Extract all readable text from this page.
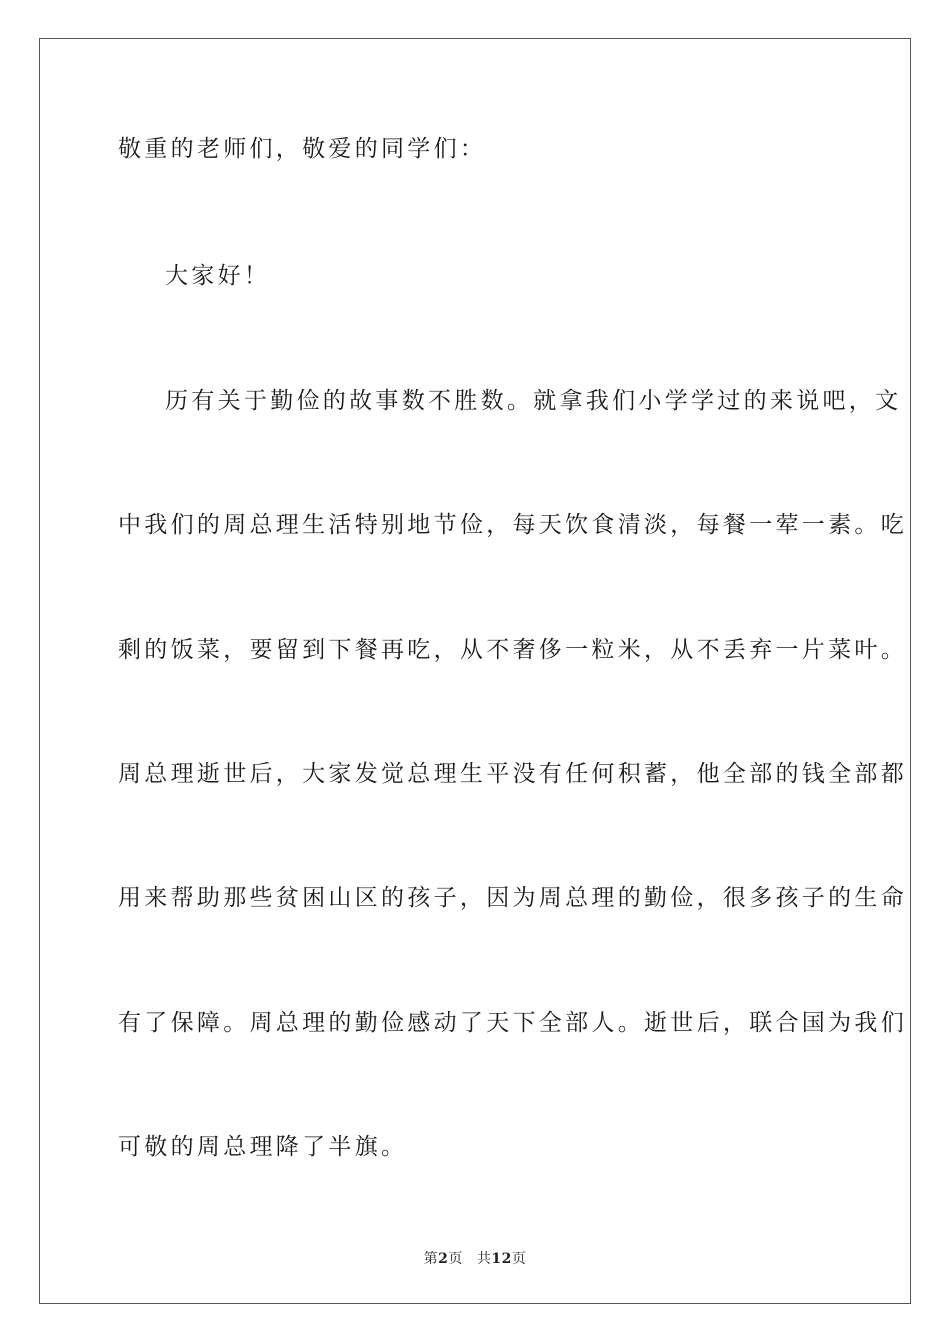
敬重的老师们，敬爱的同学们：
大家好！
历有关于勤俭的故事数不胜数。就拿我们小学学过的来说吧，文
中我们的周总理生活特别地节俭，每天饮食清淡，每餐一荤一素。吃
剩的饭菜，要留到下餐再吃，从不奢侈一粒米，从不丢弃一片菜叶。
周总理逝世后，大家发觉总理生平没有任何积蓄，他全部的钱全部都
用来帮助那些贫困山区的孩子，因为周总理的勤俭，很多孩子的生命
有了保障。周总理的勤俭感动了天下全部人。逝世后，联合国为我们
可敬的周总理降了半旗。
第2页 共12页
